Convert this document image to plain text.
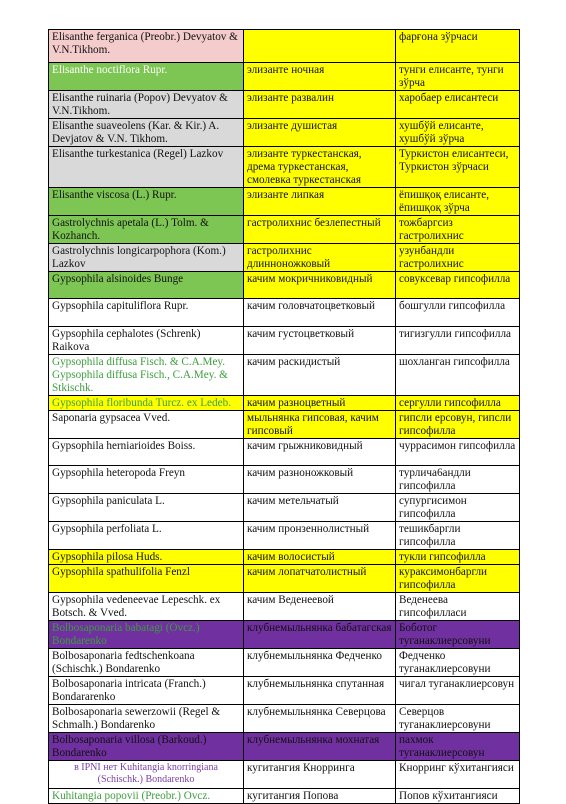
Elisanthe ferganica (Preobr.) Devyatov & V.N.Tikhom.		фарғона зўрчаси
Elisanthe noctiflora Rupr.	элизанте ночная	тунги елисанте, тунги зўрча
Elisanthe ruinaria (Popov) Devyatov & V.N.Tikhom.	элизанте развалин	харобаер елисантеси
Elisanthe suaveolens (Kar. & Kir.) A. Devjatov & V.N. Tikhom.	элизанте душистая	хушбўй елисанте, хушбўй зўрча
Elisanthe turkestanica (Regel) Lazkov	элизанте туркестанская, дрема туркестанская, смолевка туркестанская	Туркистон елисантеси, Туркистон зўрчаси
Elisanthe viscosa (L.) Rupr.	элизанте липкая	ёпишқоқ елисанте, ёпишқоқ зўрча
Gastrolychnis apetala (L.) Tolm. & Kozhanch.	гастролихнис безлепестный	тожбаргсиз гастролихнис
Gastrolychnis longicarpophora (Kom.) Lazkov	гастролихнис длинноножковый	узунбандли гастролихнис
Gypsophila alsinoides Bunge	качим мокричниковидный	совуксевар гипсофилла
Gypsophila capituliflora Rupr.	качим головчатоцветковый	бошгулли гипсофилла
Gypsophila cephalotes (Schrenk) Raikova	качим густоцветковый	тигизгулли гипсофилла
Gypsophila diffusa Fisch. & C.A.Mey. Gypsophila diffusa Fisch., C.A.Mey. & Stkischk.	качим раскидистый	шохланган гипсофилла
Gypsophila floribunda Turcz. ex Ledeb.	качим разноцветный	сергулли гипсофилла
Saponaria gypsacea Vved.	мыльнянка гипсовая, качим гипсовый	гипсли ерсовун, гипсли гипсофилла
Gypsophila herniarioides Boiss.	качим грыжниковидный	чуррасимон гипсофилла
Gypsophila heteropoda Freyn	качим разноножковый	турлича6андли гипсофилла
Gypsophila paniculata L.	качим метельчатый	супургисимон гипсофилла
Gypsophila perfoliata L.	качим пронзеннолистный	тешикбаргли гипсофилла
Gypsophila pilosa Huds.	качим волосистый	тукли гипсофилла
Gypsophila spathulifolia Fenzl	качим лопатчатолистный	кураксимонбаргли гипсофилла
Gypsophila vedeneevae Lepeschk. ex Botsch. & Vved.	качим Веденеевой	Веденеева гипсофилласи
Bolbosaponaria babatagi (Ovcz.) Bondarenko	клубнемыльнянка бабатагская	Боботог туганаклиерсовуни
Bolbosaponaria fedtschenkoana (Schischk.) Bondarenko	клубнемыльнянка Федченко	Федченко туганаклиерсовуни
Bolbosaponaria intricata (Franch.) Bondararenko	клубнемыльнянка спутанная	чигал туганаклиерсовун
Bolbosaponaria sewerzowii (Regel & Schmalh.) Bondarenko	клубнемыльнянка Северцова	Северцов туганаклиерсовуни
Bolbosaponaria villosa (Barkoud.) Bondarenko	клубнемыльнянка мохнатая	пахмок туганаклиерсовун
в IPNI нет Kuhitangia knorringiana (Schischk.) Bondarenko	кугитангия Кнорринга	Кнорринг кўхитангияси
Kuhitangia popovii (Preobr.) Ovcz.	кугитангия Попова	Попов кўхитангияси
